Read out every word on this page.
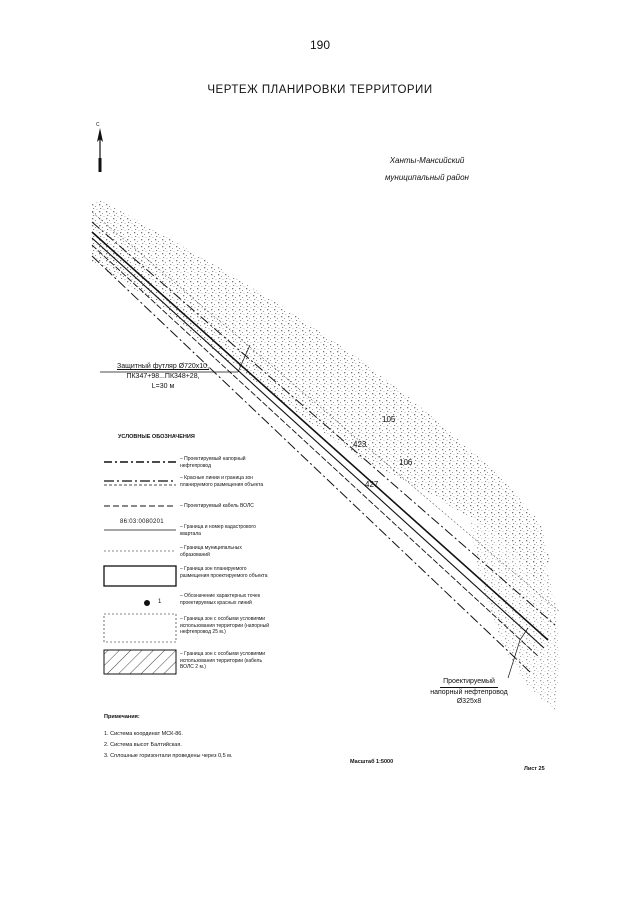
190
ЧЕРТЕЖ ПЛАНИРОВКИ ТЕРРИТОРИИ
С
Ханты-Мансийский
муниципальный район
Защитный футляр Ø720х10,
ПК347+98...ПК348+28,
L=30 м
105
106
423
427
Проектируемый
напорный нефтепровод
Ø325х8
УСЛОВНЫЕ ОБОЗНАЧЕНИЯ
– Проектируемый напорный нефтепровод
– Красные линии и граница зон планируемого размещения объекта
– Проектируемый кабель ВОЛС
86:03:0080201
– Граница и номер кадастрового квартала
– Граница муниципальных образований
– Граница зон планируемого размещения проектируемого объекта
1
– Обозначение характерных точек проектируемых красных линий
– Граница зон с особыми условиями использования территории (напорный нефтепровод 25 м.)
– Граница зон с особыми условиями использования территории (кабель ВОЛС 2 м.)
Примечания:
1. Система координат МСК-86.
2. Система высот Балтийская.
3. Сплошные горизонтали проведены через 0,5 м.
Масштаб 1:5000
Лист 25
